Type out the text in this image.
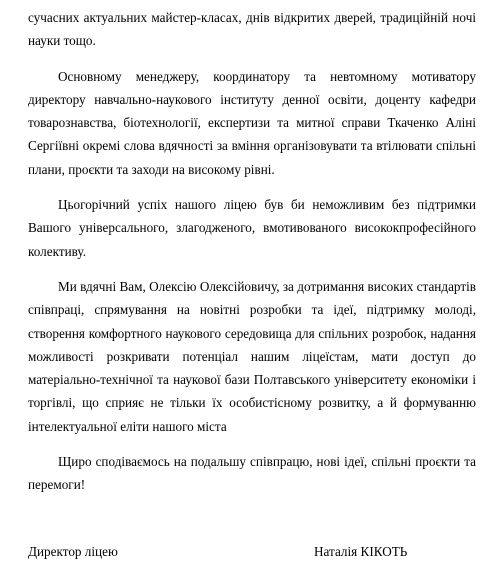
сучасних актуальних майстер-класах, днів відкритих дверей, традиційній ночі науки тощо.

Основному менеджеру, координатору та невтомному мотиватору директору навчально-наукового інституту денної освіти, доценту кафедри товарознавства, біотехнології, експертизи та митної справи Ткаченко Аліні Сергіївні окремі слова вдячності за вміння організовувати та втілювати спільні плани, проєкти та заходи на високому рівні.

Цьогорічний успіх нашого ліцею був би неможливим без підтримки Вашого універсального, злагодженого, вмотивованого висококпрофесійного колективу.

Ми вдячні Вам, Олексію Олексійовичу, за дотримання високих стандартів співпраці, спрямування на новітні розробки та ідеї, підтримку молоді, створення комфортного наукового середовища для спільних розробок, надання можливості розкривати потенціал нашим ліцеїстам, мати доступ до матеріально-технічної та наукової бази Полтавського університету економіки і торгівлі, що сприяє не тільки їх особистісному розвитку, а й формуванню інтелектуальної еліти нашого міста

Щиро сподіваємось на подальшу співпрацю, нові ідеї, спільні проєкти та перемоги!

Директор ліцею	Наталія КІКОТЬ
